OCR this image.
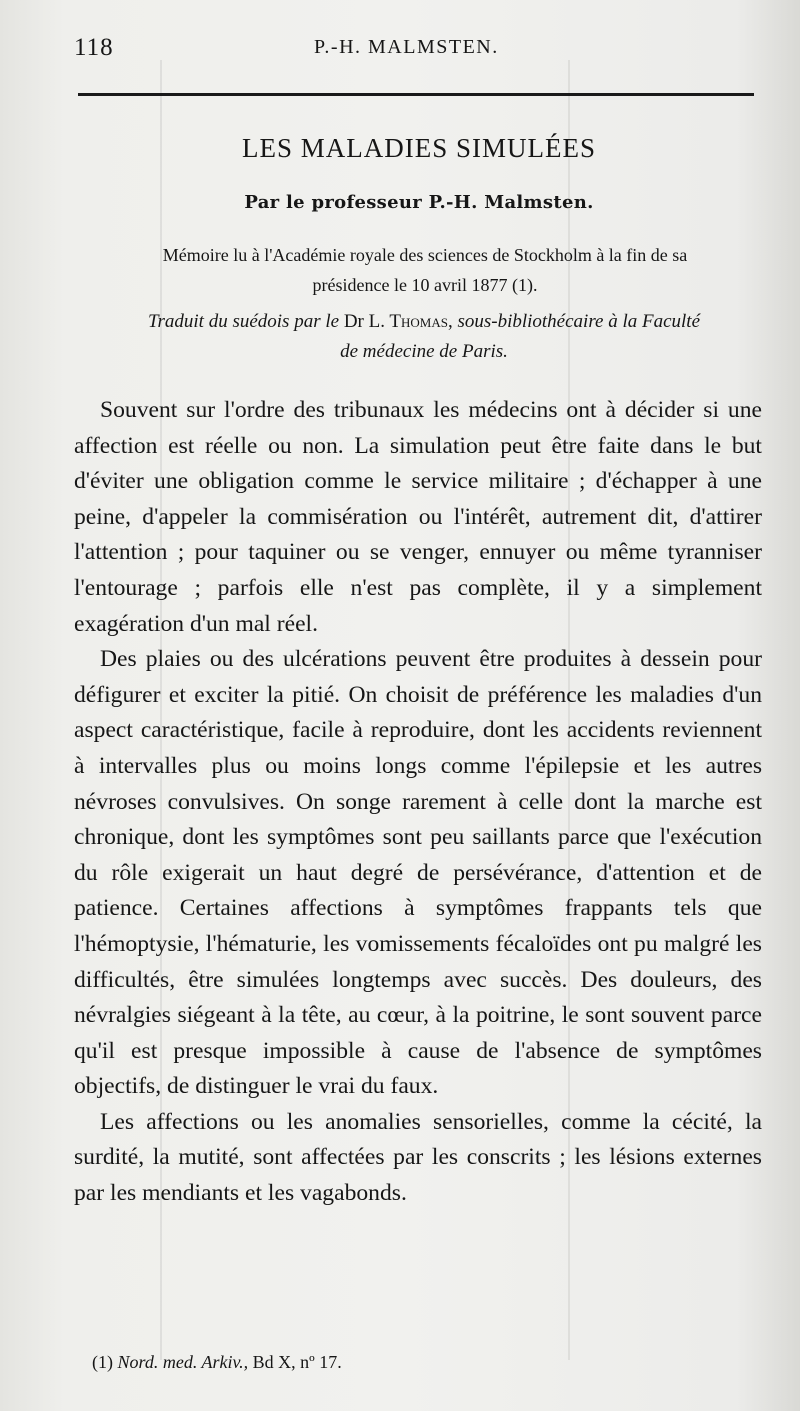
118	P.-H. MALMSTEN.
LES MALADIES SIMULÉES
Par le professeur P.-H. Malmsten.
Mémoire lu à l'Académie royale des sciences de Stockholm à la fin de sa
présidence le 10 avril 1877 (1).
Traduit du suédois par le Dr L. Thomas, sous-bibliothécaire à la Faculté
de médecine de Paris.

Souvent sur l'ordre des tribunaux les médecins ont à décider si une affection est réelle ou non. La simulation peut être faite dans le but d'éviter une obligation comme le service militaire ; d'échapper à une peine, d'appeler la commisération ou l'intérêt, autrement dit, d'attirer l'attention ; pour taquiner ou se venger, ennuyer ou même tyranniser l'entourage ; parfois elle n'est pas complète, il y a simplement exagération d'un mal réel.

Des plaies ou des ulcérations peuvent être produites à dessein pour défigurer et exciter la pitié. On choisit de préférence les maladies d'un aspect caractéristique, facile à reproduire, dont les accidents reviennent à intervalles plus ou moins longs comme l'épilepsie et les autres névroses convulsives. On songe rarement à celle dont la marche est chronique, dont les symptômes sont peu saillants parce que l'exécution du rôle exigerait un haut degré de persévérance, d'attention et de patience. Certaines affections à symptômes frappants tels que l'hémoptysie, l'hématurie, les vomissements fécaloïdes ont pu malgré les difficultés, être simulées longtemps avec succès. Des douleurs, des névralgies siégeant à la tête, au cœur, à la poitrine, le sont souvent parce qu'il est presque impossible à cause de l'absence de symptômes objectifs, de distinguer le vrai du faux.

Les affections ou les anomalies sensorielles, comme la cécité, la surdité, la mutité, sont affectées par les conscrits ; les lésions externes par les mendiants et les vagabonds.

(1) Nord. med. Arkiv., Bd X, nº 17.
